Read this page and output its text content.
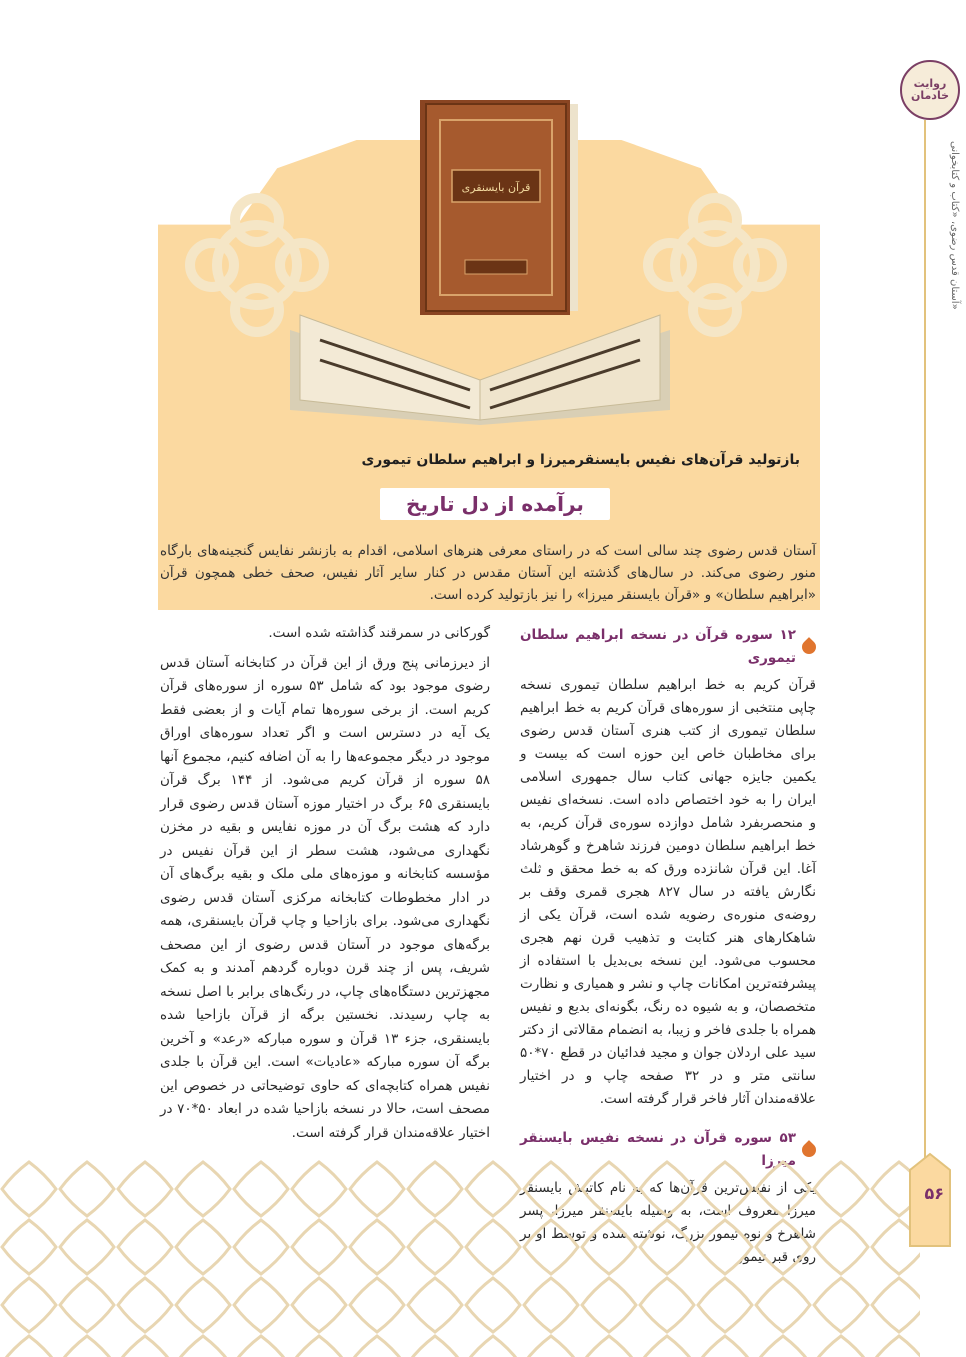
روایت خادمان
آستان قدس رضوی، «کتاب و کتابخوانی»
قرآن بایسنقری
بازتولید قرآن‌های نفیس بایسنقرمیرزا و ابراهیم سلطان تیموری
برآمده از دل تاریخ
آستان قدس رضوی چند سالی است که در راستای معرفی هنرهای اسلامی، اقدام به بازنشر نفایس گنجینه‌های بارگاه منور رضوی می‌کند. در سال‌های گذشته این آستان مقدس در کنار سایر آثار نفیس، صحف خطی همچون قرآن «ابراهیم سلطان» و «قرآن بایسنقر میرزا» را نیز بازتولید کرده است.
۱۲ سوره قرآن در نسخه ابراهیم سلطان تیموری

قرآن کریم به خط ابراهیم سلطان تیموری نسخه چاپی منتخبی از سوره‌های قرآن کریم به خط ابراهیم سلطان تیموری از کتب هنری آستان قدس رضوی برای مخاطبان خاص این حوزه است که بیست و یکمین جایزه جهانی کتاب سال جمهوری اسلامی ایران را به خود اختصاص داده است. نسخه‌ای نفیس و منحصربفرد شامل دوازده سوره‌ی قرآن کریم، به خط ابراهیم سلطان دومین فرزند شاهرخ و گوهرشاد آغا. این قرآن شانزده ورق که به خط محقق و ثلث نگارش یافته در سال ۸۲۷ هجری قمری وقف بر روضه‌ی منوره‌ی رضویه شده است، قرآن یکی از شاهکارهای هنر کتابت و تذهیب قرن نهم هجری محسوب می‌شود. این نسخه بی‌بدیل با استفاده از پیشرفته‌ترین امکانات چاپ و نشر و همیاری و نظارت متخصصان، و به شیوه ده رنگ، بگونه‌ای بدیع و نفیس همراه با جلدی فاخر و زیبا، به انضمام مقالاتی از دکتر سید علی اردلان جوان و مجید فدائیان در قطع ۷۰*۵۰ سانتی متر و در ۳۲ صفحه چاپ و در اختیار علاقه‌مندان آثار فاخر قرار گرفته است.

۵۳ سوره قرآن در نسخه نفیس بایسنقر

گورکانی در سمرقند گذاشته شده است.

از دیرزمانی پنج ورق از این قرآن در کتابخانه آستان قدس رضوی موجود بود که شامل ۵۳ سوره از سوره‌های قرآن کریم است. از برخی سوره‌ها تمام آیات و از بعضی فقط یک آیه در دسترس است و اگر تعداد سوره‌های اوراق موجود در دیگر مجموعه‌ها را به آن اضافه کنیم، مجموع آنها ۵۸ سوره از قرآن کریم می‌شود. از ۱۴۴ برگ قرآن بایسنقری ۶۵ برگ در اختیار موزه آستان قدس رضوی قرار دارد که هشت برگ آن در موزه نفایس و بقیه در مخزن نگهداری می‌شود، هشت سطر از این قرآن نفیس در مؤسسه کتابخانه و موزه‌های ملی ملک و بقیه برگ‌های آن در ادار مخطوطات کتابخانه مرکزی آستان قدس رضوی نگهداری می‌شود. برای بازاحیا و چاپ قرآن بایسنقری، همه برگه‌های موجود در آستان قدس رضوی از این مصحف شریف، پس از چند قرن دوباره گردهم آمدند و به کمک مجهزترین دستگاه‌های چاپ، در رنگ‌های برابر با اصل نسخه به چاپ رسیدند. نخستین برگه از قرآن بازاحیا شده بایسنقری، جزء ۱۳ قرآن و سوره مبارکه «رعد» و آخرین برگه آن سوره مبارکه «عادیات» است. این قرآن با جلدی نفیس همراه کتابچه‌ای که حاوی توضیحاتی در خصوص این مصحف است، حالا در نسخه بازاحیا شده در ابعاد ۵۰*۷۰ در اختیار علاقه‌مندان قرار گرفته است.

۵۶
